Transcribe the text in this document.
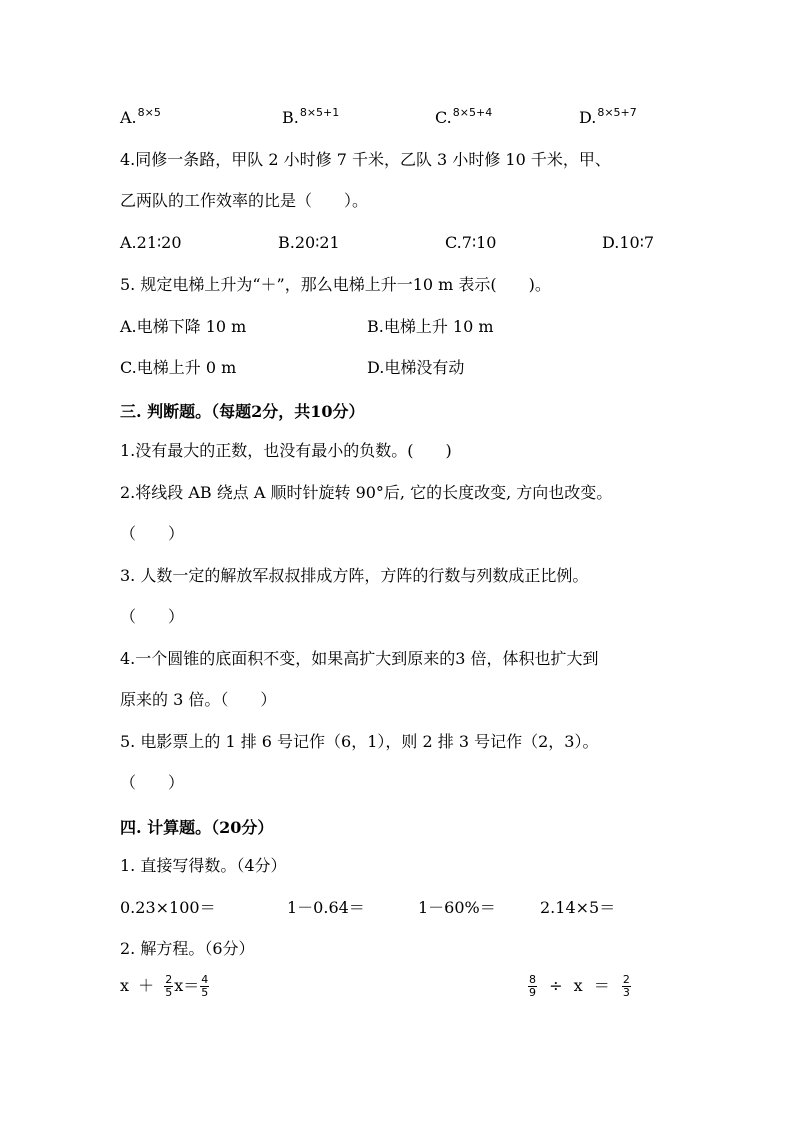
A.$^{8\times 5}$	B.$^{8\times 5+1}$	C.$^{8\times 5+4}$	D.$^{8\times 5+7}$
4.同修一条路，甲队 2 小时修 7 千米，乙队 3 小时修 10 千米，甲、
乙两队的工作效率的比是（　　）。
A.21∶20	B.20∶21	C.7∶10	D.10∶7
5. 规定电梯上升为“＋”，那么电梯上升一10 m 表示(　　)。
A.电梯下降 10 m	B.电梯上升 10 m
C.电梯上升 0 m	D.电梯没有动
三. 判断题。（每题2分，共10分）
1.没有最大的正数，也没有最小的负数。(　　)
2.将线段 AB 绕点 A 顺时针旋转 90°后, 它的长度改变, 方向也改变。
（　　）
3. 人数一定的解放军叔叔排成方阵，方阵的行数与列数成正比例。
（　　）
4.一个圆锥的底面积不变，如果高扩大到原来的3 倍，体积也扩大到
原来的 3 倍。（　　）
5. 电影票上的 1 排 6 号记作（6，1），则 2 排 3 号记作（2，3）。
（　　）
四. 计算题。（20分）
1. 直接写得数。（4分）
0.23×100＝	1－0.64＝	1－60%＝	2.14×5＝
2. 解方程。（6分）
$x + \frac{2}{5} x= \frac{4}{5}$	$\frac{8}{9} \div x = \frac{2}{3}$
